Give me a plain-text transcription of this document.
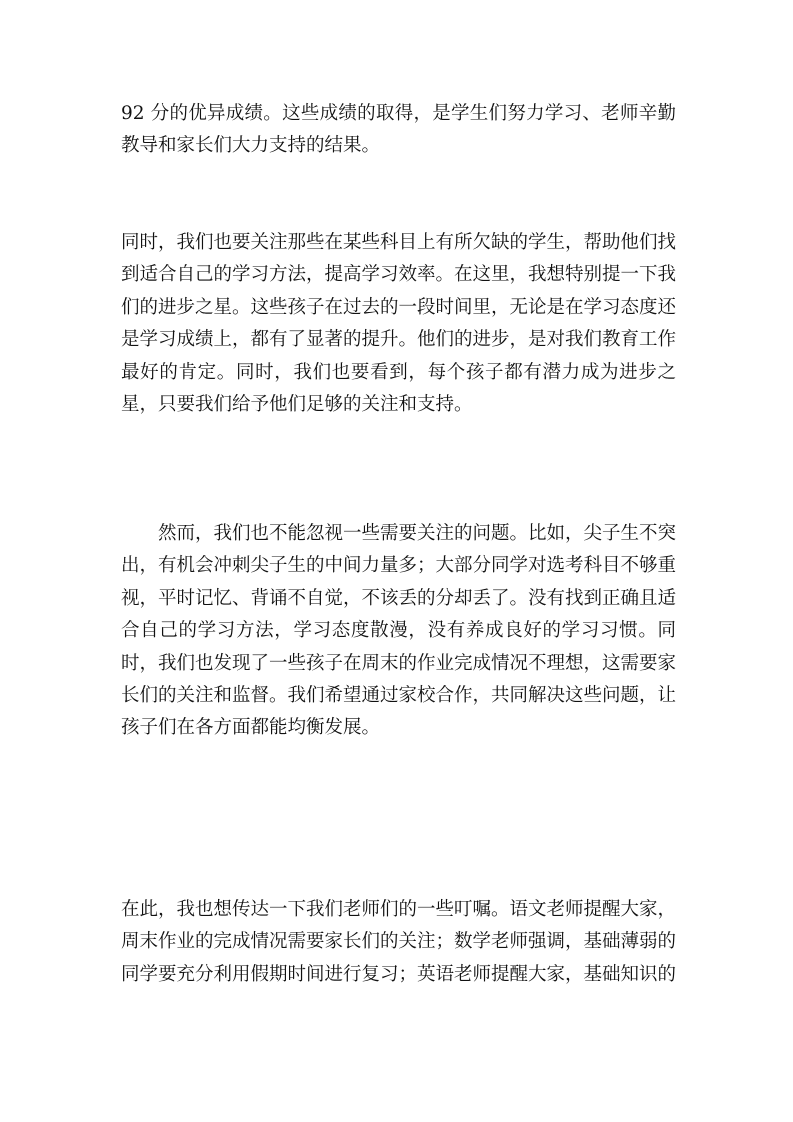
92 分的优异成绩。这些成绩的取得，是学生们努力学习、老师辛勤教导和家长们大力支持的结果。

同时，我们也要关注那些在某些科目上有所欠缺的学生，帮助他们找到适合自己的学习方法，提高学习效率。在这里，我想特别提一下我们的进步之星。这些孩子在过去的一段时间里，无论是在学习态度还是学习成绩上，都有了显著的提升。他们的进步，是对我们教育工作最好的肯定。同时，我们也要看到，每个孩子都有潜力成为进步之星，只要我们给予他们足够的关注和支持。

然而，我们也不能忽视一些需要关注的问题。比如，尖子生不突出，有机会冲刺尖子生的中间力量多；大部分同学对选考科目不够重视，平时记忆、背诵不自觉，不该丢的分却丢了。没有找到正确且适合自己的学习方法，学习态度散漫，没有养成良好的学习习惯。同时，我们也发现了一些孩子在周末的作业完成情况不理想，这需要家长们的关注和监督。我们希望通过家校合作，共同解决这些问题，让孩子们在各方面都能均衡发展。

在此，我也想传达一下我们老师们的一些叮嘱。语文老师提醒大家，周末作业的完成情况需要家长们的关注；数学老师强调，基础薄弱的同学要充分利用假期时间进行复习；英语老师提醒大家，基础知识的
